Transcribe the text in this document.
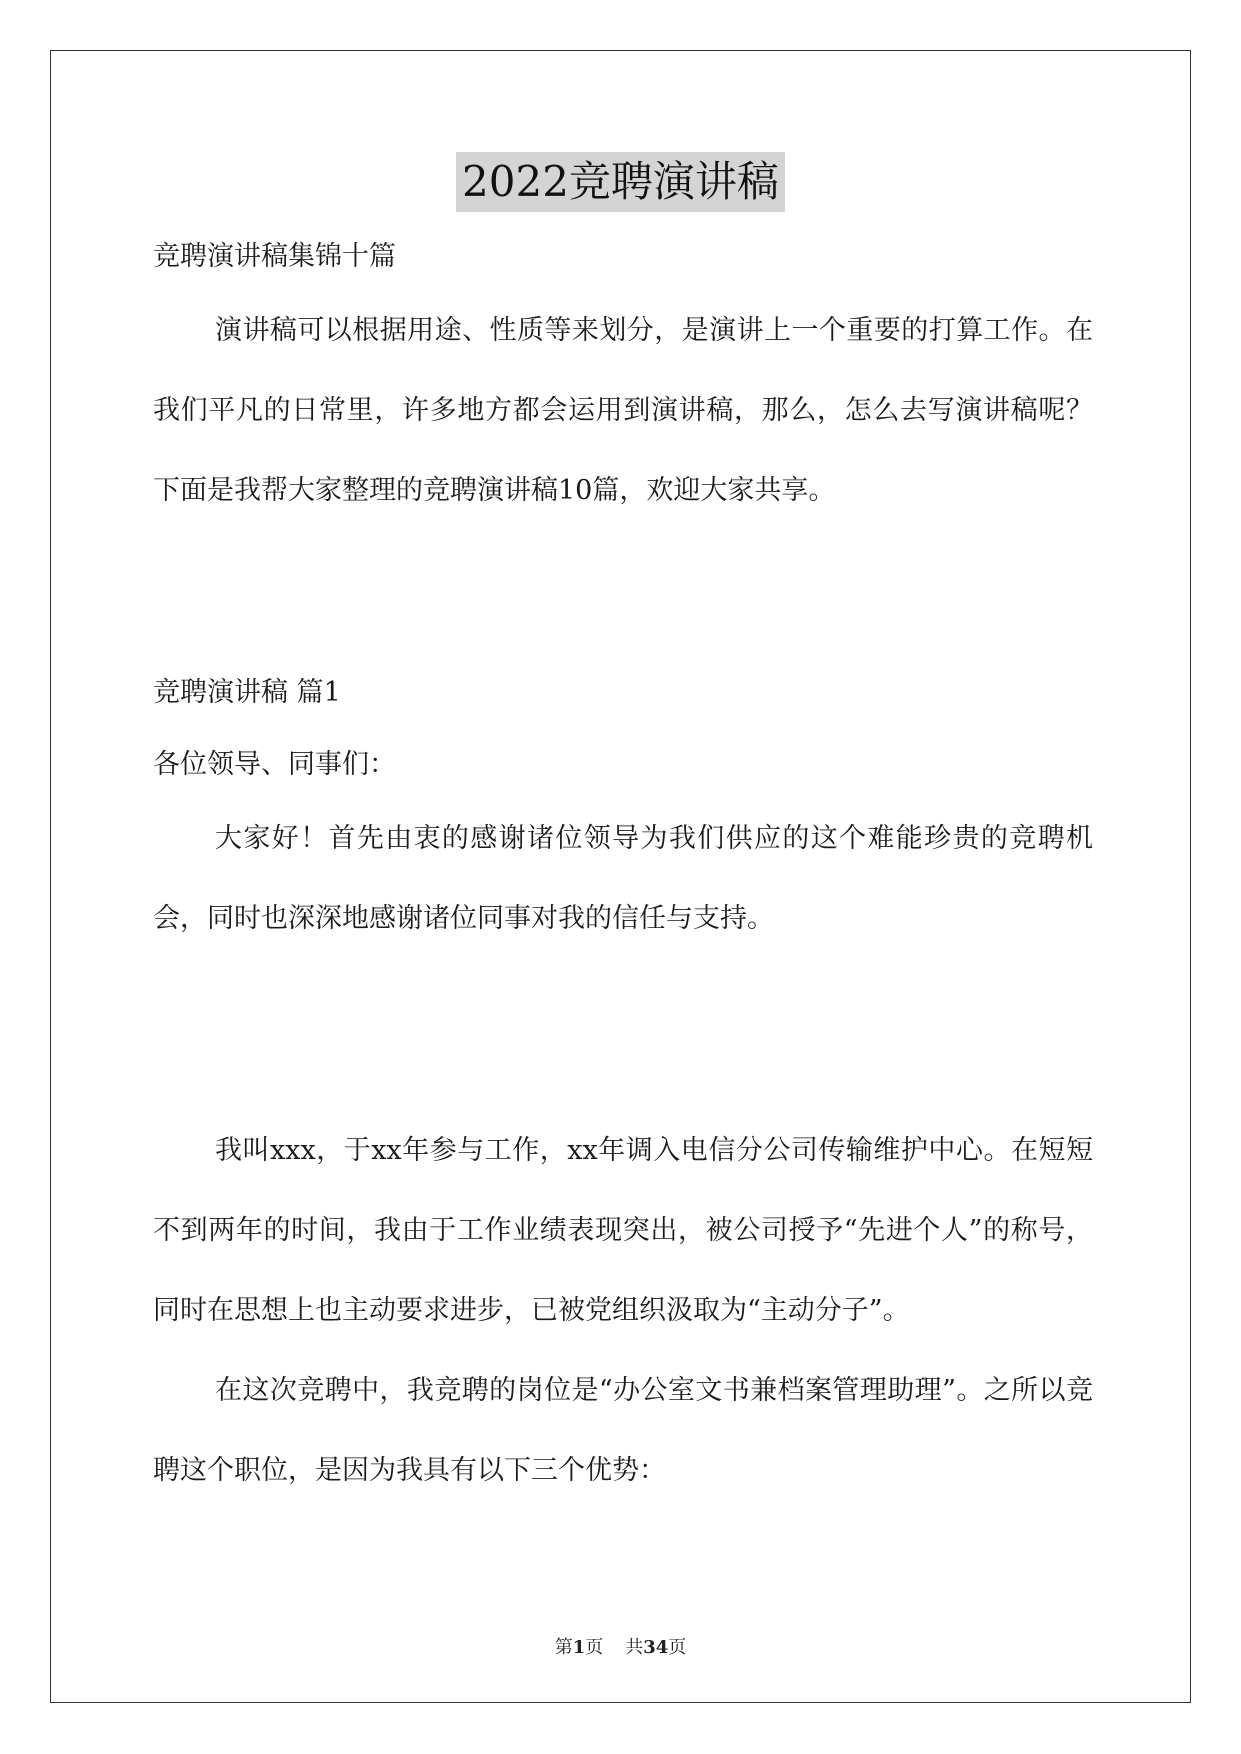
2022竞聘演讲稿

竞聘演讲稿集锦十篇

演讲稿可以根据用途、性质等来划分，是演讲上一个重要的打算工作。在我们平凡的日常里，许多地方都会运用到演讲稿，那么，怎么去写演讲稿呢？下面是我帮大家整理的竞聘演讲稿10篇，欢迎大家共享。

竞聘演讲稿 篇1

各位领导、同事们：

大家好！首先由衷的感谢诸位领导为我们供应的这个难能珍贵的竞聘机会，同时也深深地感谢诸位同事对我的信任与支持。

我叫xxx，于xx年参与工作，xx年调入电信分公司传输维护中心。在短短不到两年的时间，我由于工作业绩表现突出，被公司授予“先进个人”的称号，同时在思想上也主动要求进步，已被党组织汲取为“主动分子”。

在这次竞聘中，我竞聘的岗位是“办公室文书兼档案管理助理”。之所以竞聘这个职位，是因为我具有以下三个优势：

第1页 共34页
